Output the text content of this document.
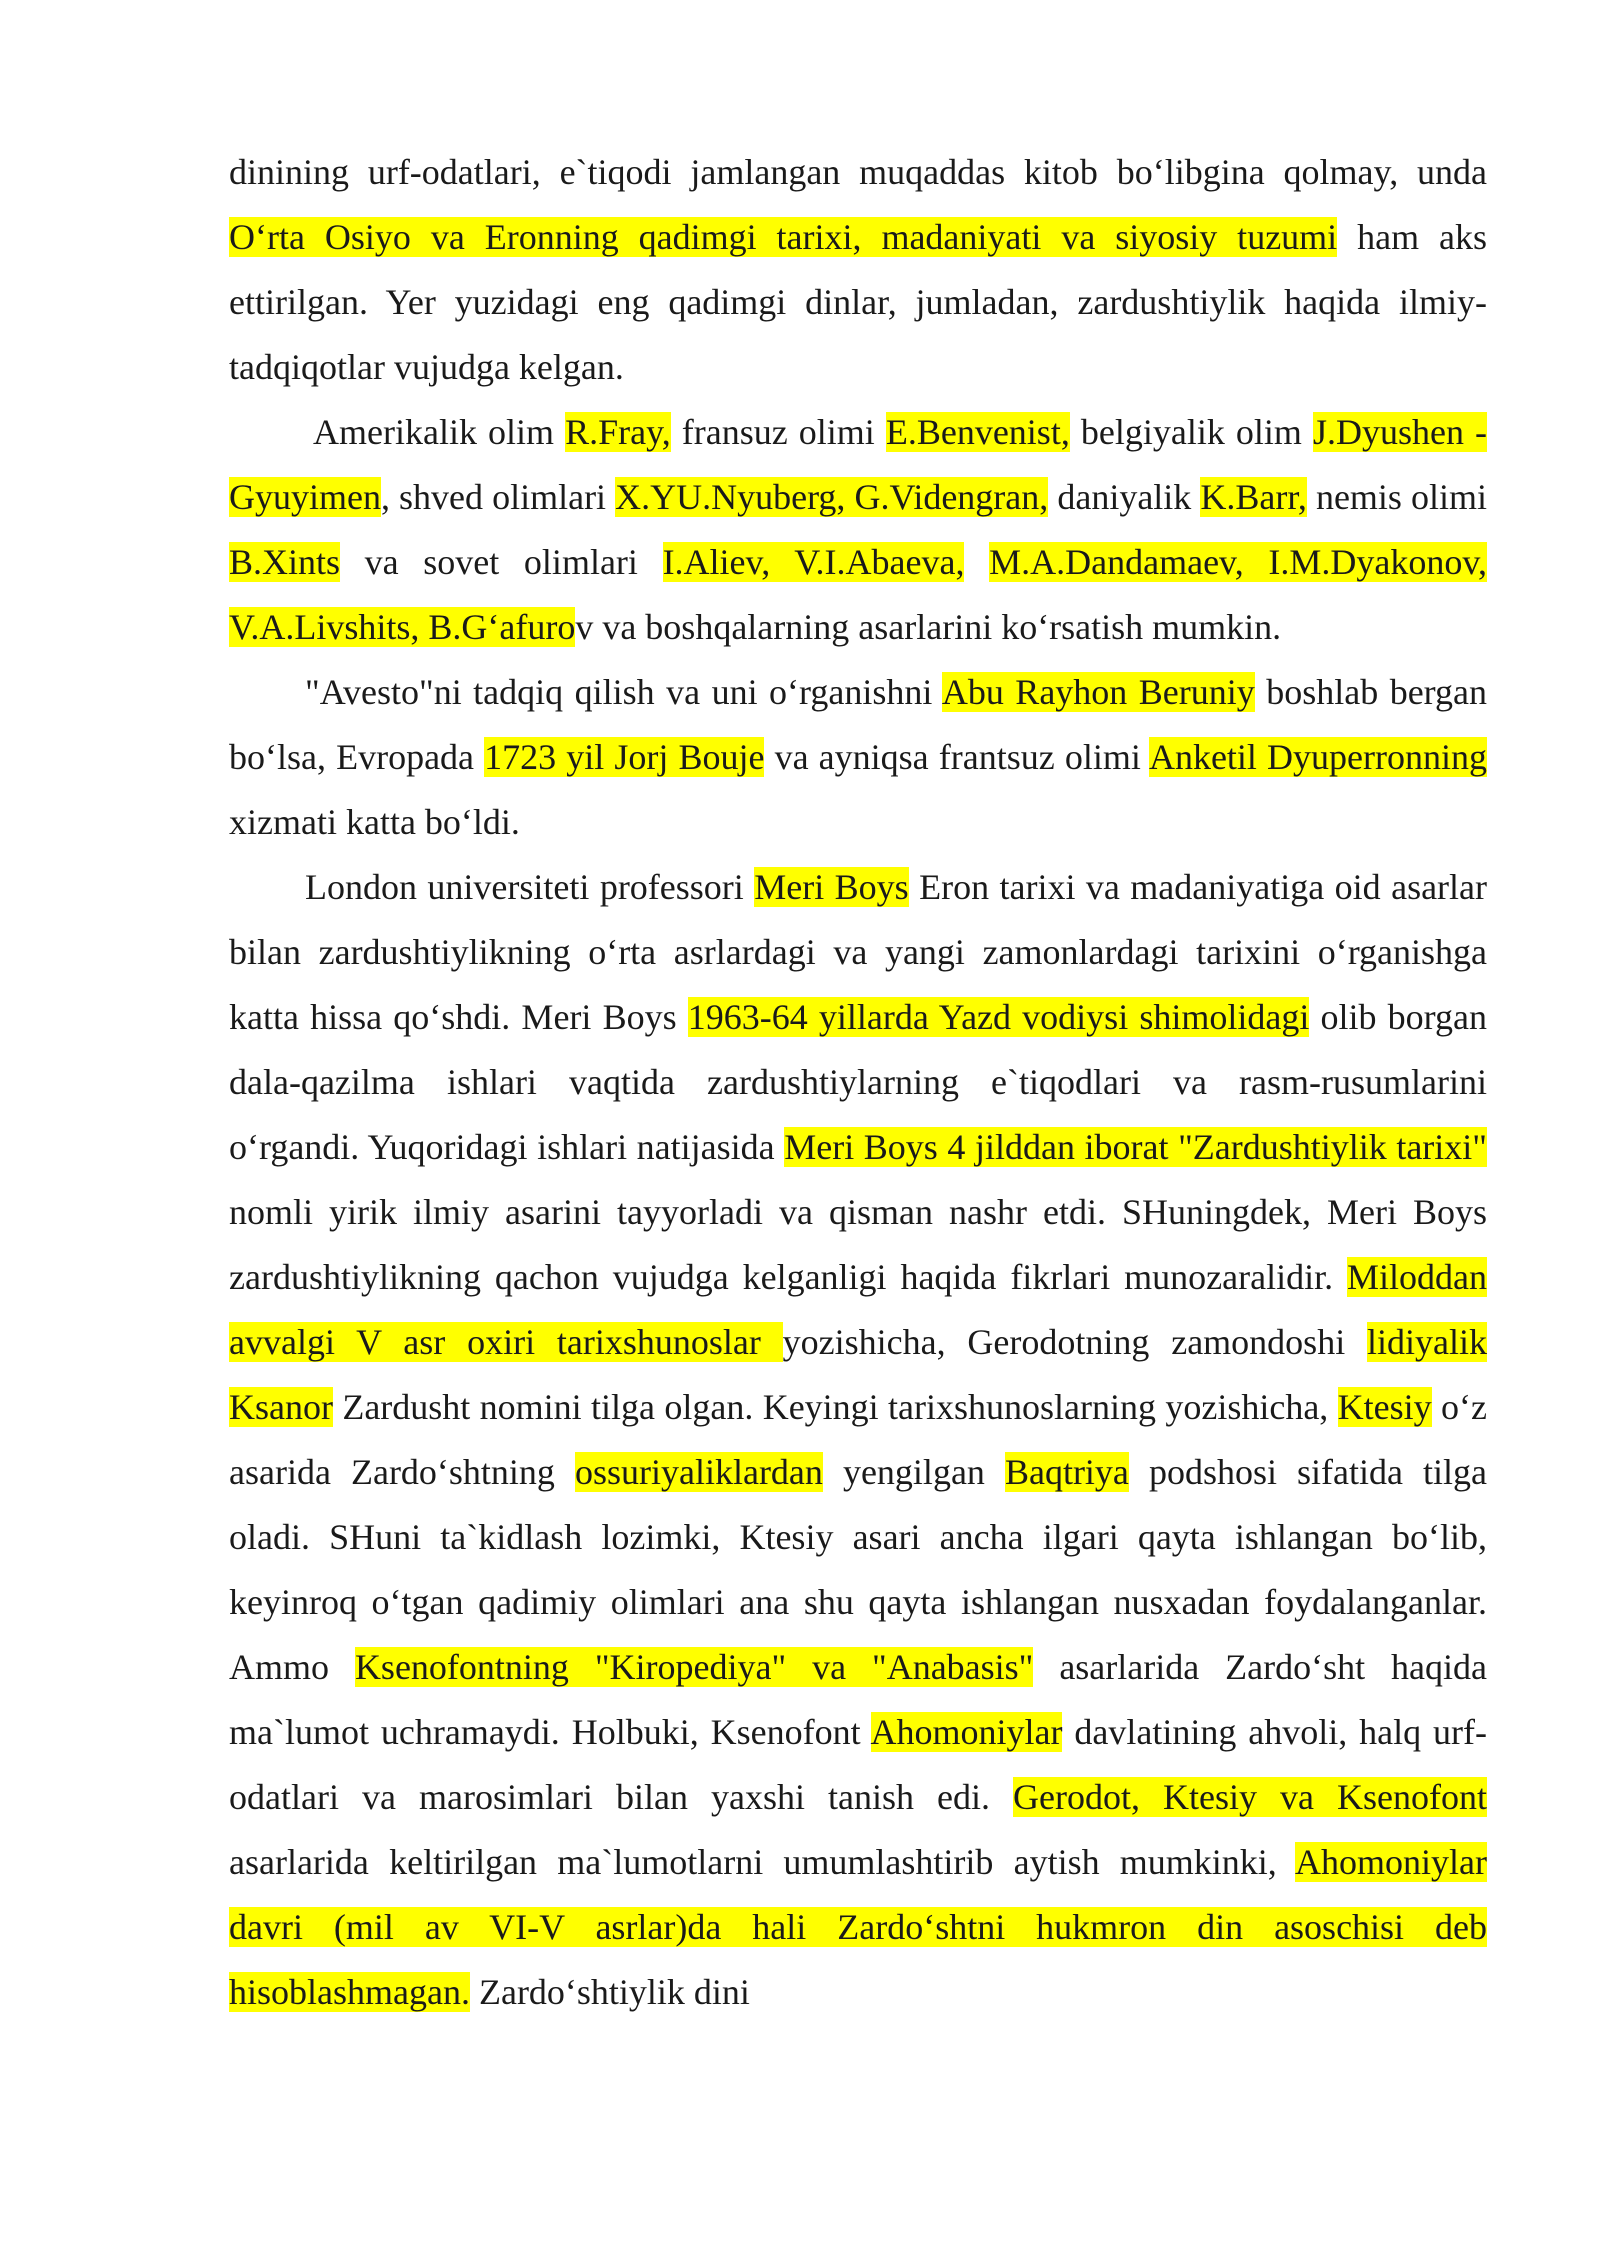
dinining urf-odatlari, e`tiqodi jamlangan muqaddas kitob boʻlibgina qolmay, unda Oʻrta Osiyo va Eronning qadimgi tarixi, madaniyati va siyosiy tuzumi ham aks ettirilgan. Yer yuzidagi eng qadimgi dinlar, jumladan, zardushtiylik haqida ilmiy-tadqiqotlar vujudga kelgan.

Amerikalik olim R.Fray, fransuz olimi E.Benvenist, belgiyalik olim J.Dyushen - Gyuyimen, shved olimlari X.YU.Nyuberg, G.Videngran, daniyalik K.Barr, nemis olimi B.Xints va sovet olimlari I.Aliev, V.I.Abaeva, M.A.Dandamaev, I.M.Dyakonov, V.A.Livshits, B.Gʻafurov va boshqalarning asarlarini koʻrsatish mumkin.

"Avesto"ni tadqiq qilish va uni oʻrganishni Abu Rayhon Beruniy boshlab bergan boʻlsa, Evropada 1723 yil Jorj Bouje va ayniqsa frantsuz olimi Anketil Dyuperronning xizmati katta boʻldi.

London universiteti professori Meri Boys Eron tarixi va madaniyatiga oid asarlar bilan zardushtiylikning oʻrta asrlardagi va yangi zamonlardagi tarixini oʻrganishga katta hissa qoʻshdi. Meri Boys 1963-64 yillarda Yazd vodiysi shimolidagi olib borgan dala-qazilma ishlari vaqtida zardushtiylarning e`tiqodlari va rasm-rusumlarini oʻrgandi. Yuqoridagi ishlari natijasida Meri Boys 4 jilddan iborat "Zardushtiylik tarixi" nomli yirik ilmiy asarini tayyorladi va qisman nashr etdi. SHuningdek, Meri Boys zardushtiylikning qachon vujudga kelganligi haqida fikrlari munozaralidir. Miloddan avvalgi V asr oxiri tarixshunoslar yozishicha, Gerodotning zamondoshi lidiyalik Ksanor Zardusht nomini tilga olgan. Keyingi tarixshunoslarning yozishicha, Ktesiy oʻz asarida Zardoʻshtning ossuriyaliklardan yengilgan Baqtriya podshosi sifatida tilga oladi. SHuni ta`kidlash lozimki, Ktesiy asari ancha ilgari qayta ishlangan boʻlib, keyinroq oʻtgan qadimiy olimlari ana shu qayta ishlangan nusxadan foydalanganlar. Ammo Ksenofontning "Kiropediya" va "Anabasis" asarlarida Zardoʻsht haqida ma`lumot uchramaydi. Holbuki, Ksenofont Ahomoniylar davlatining ahvoli, halq urf-odatlari va marosimlari bilan yaxshi tanish edi. Gerodot, Ktesiy va Ksenofont asarlarida keltirilgan ma`lumotlarni umumlashtirib aytish mumkinki, Ahomoniylar davri (mil av VI-V asrlar)da hali Zardoʻshtni hukmron din asoschisi deb hisoblashmagan. Zardoʻshtiylik dini
